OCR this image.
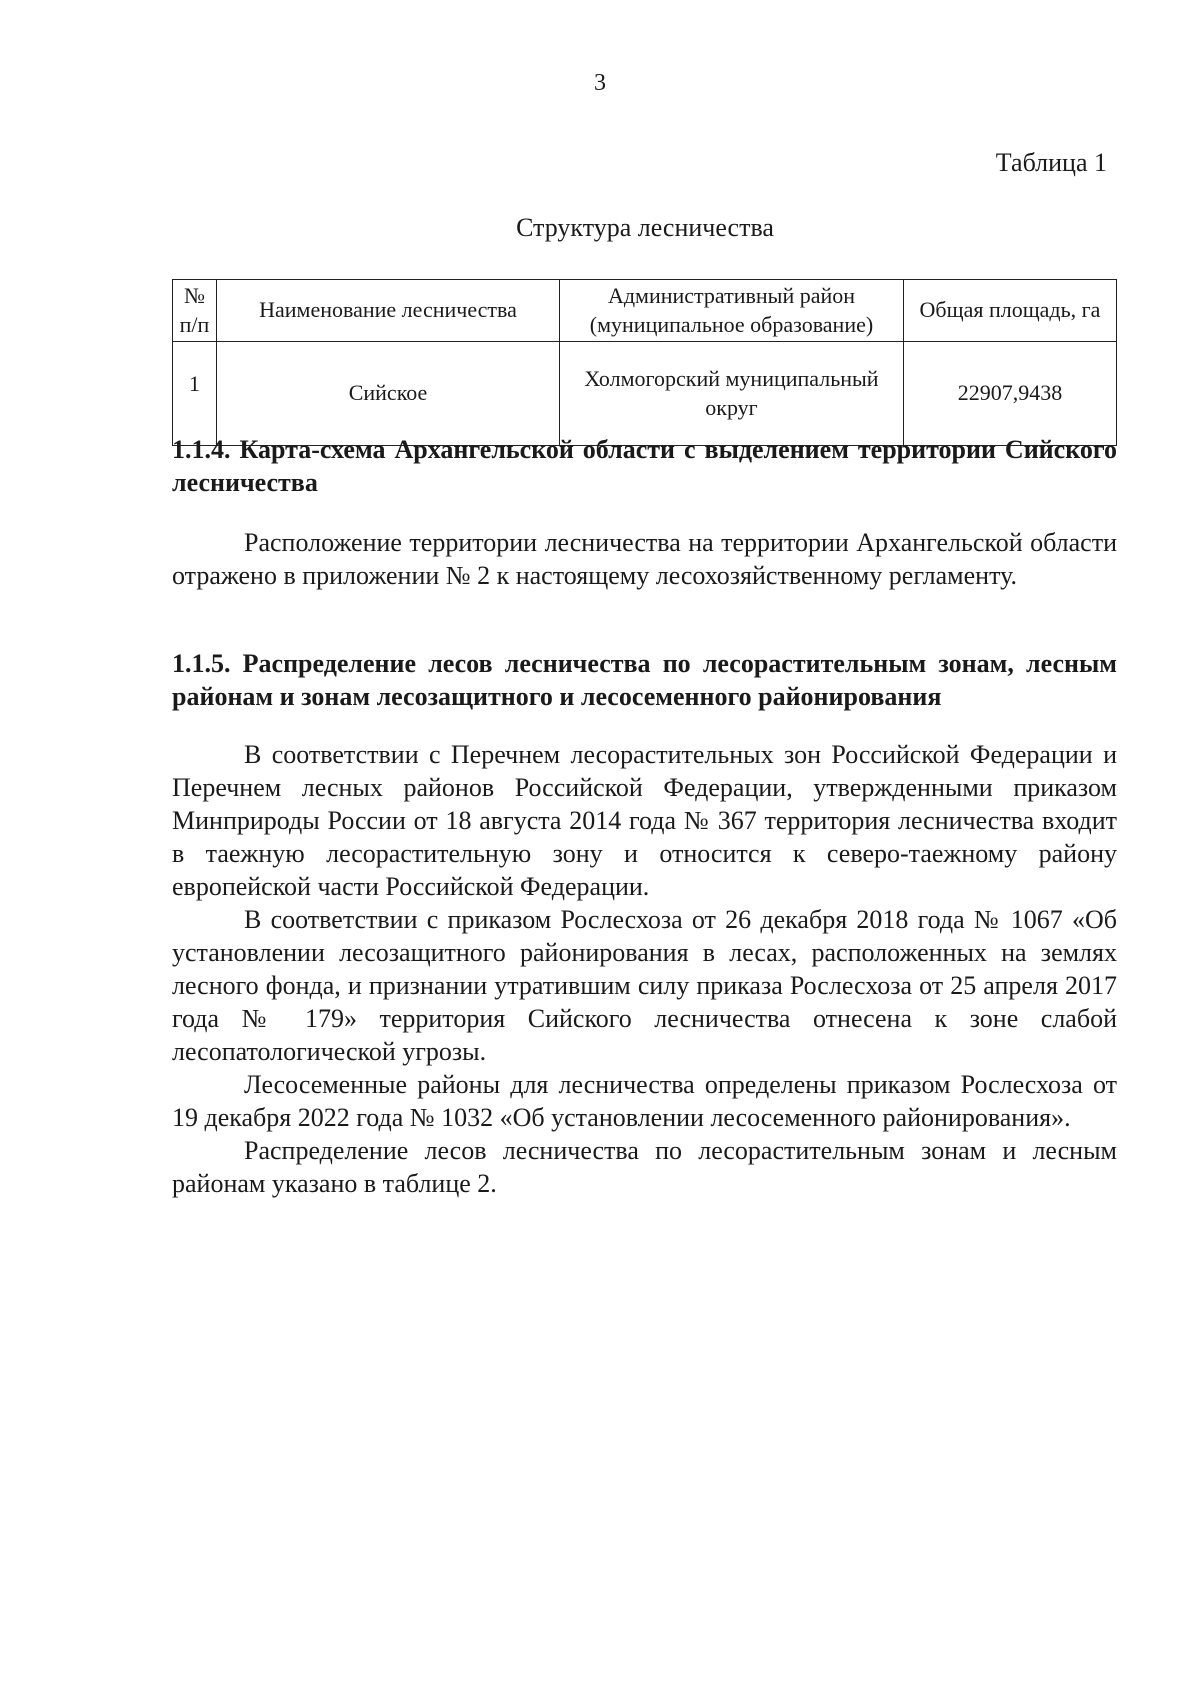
3
Таблица 1
Структура лесничества
№ п/п	Наименование лесничества	Административный район (муниципальное образование)	Общая площадь, га
1	Сийское	Холмогорский муниципальный округ	22907,9438
1.1.4. Карта-схема Архангельской области с выделением территории Сийского лесничества

Расположение территории лесничества на территории Архангельской области отражено в приложении № 2 к настоящему лесохозяйственному регламенту.

1.1.5. Распределение лесов лесничества по лесорастительным зонам, лесным районам и зонам лесозащитного и лесосеменного районирования

В соответствии с Перечнем лесорастительных зон Российской Федерации и Перечнем лесных районов Российской Федерации, утвержденными приказом Минприроды России от 18 августа 2014 года № 367 территория лесничества входит в таежную лесорастительную зону и относится к северо-таежному району европейской части Российской Федерации.

В соответствии с приказом Рослесхоза от 26 декабря 2018 года № 1067 «Об установлении лесозащитного районирования в лесах, расположенных на землях лесного фонда, и признании утратившим силу приказа Рослесхоза от 25 апреля 2017 года № 179» территория Сийского лесничества отнесена к зоне слабой лесопатологической угрозы.

Лесосеменные районы для лесничества определены приказом Рослесхоза от 19 декабря 2022 года № 1032 «Об установлении лесосеменного районирования».

Распределение лесов лесничества по лесорастительным зонам и лесным районам указано в таблице 2.
